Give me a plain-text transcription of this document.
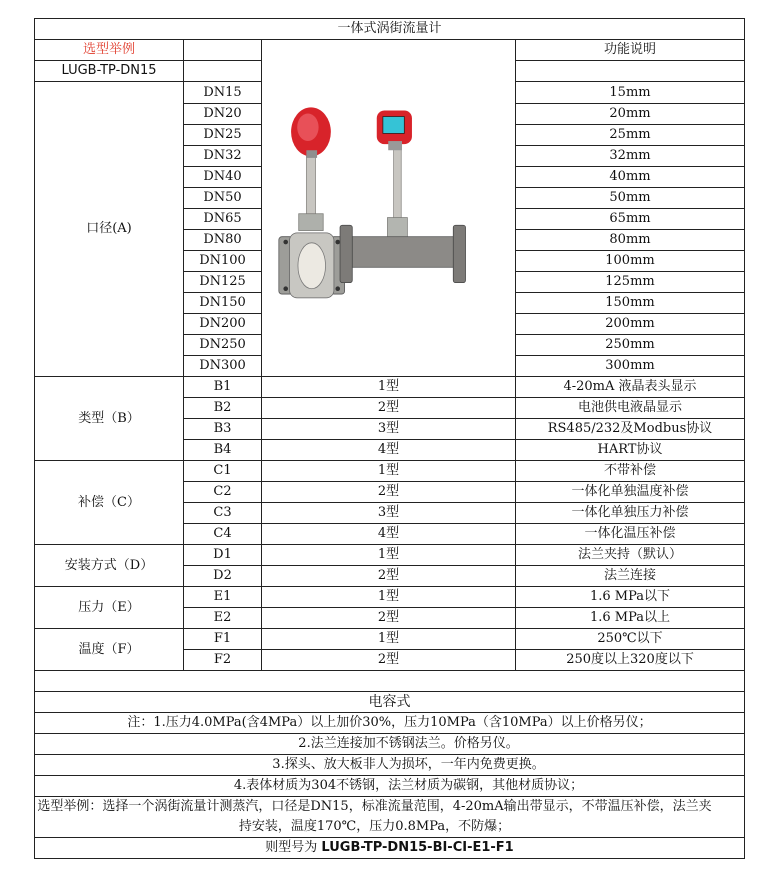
一体式涡街流量计			
选型举例			功能说明
LUGB-TP-DN15			
口径(A)	DN15		15mm
	DN20		20mm
	DN25		25mm
	DN32		32mm
	DN40		40mm
	DN50		50mm
	DN65		65mm
	DN80		80mm
	DN100		100mm
	DN125		125mm
	DN150		150mm
	DN200		200mm
	DN250		250mm
	DN300		300mm
类型（B）	B1	1型	4-20mA 液晶表头显示
	B2	2型	电池供电液晶显示
	B3	3型	RS485/232及Modbus协议
	B4	4型	HART协议
补偿（C）	C1	1型	不带补偿
	C2	2型	一体化单独温度补偿
	C3	3型	一体化单独压力补偿
	C4	4型	一体化温压补偿
安装方式（D）	D1	1型	法兰夹持（默认）
	D2	2型	法兰连接
压力（E）	E1	1型	1.6 MPa以下
	E2	2型	1.6 MPa以上
温度（F）	F1	1型	250℃以下
	F2	2型	250度以上320度以下

电容式
注：1.压力4.0MPa(含4MPa）以上加价30%，压力10MPa（含10MPa）以上价格另仪；
2.法兰连接加不锈钢法兰。价格另仪。
3.探头、放大板非人为损坏，一年内免费更换。
4.表体材质为304不锈钢，法兰材质为碳钢，其他材质协议；
选型举例：选择一个涡街流量计测蒸汽，口径是DN15，标准流量范围，4-20mA输出带显示，不带温压补偿，法兰夹持安装，温度170℃，压力0.8MPa，不防爆；
则型号为 LUGB-TP-DN15-BI-CI-E1-F1
